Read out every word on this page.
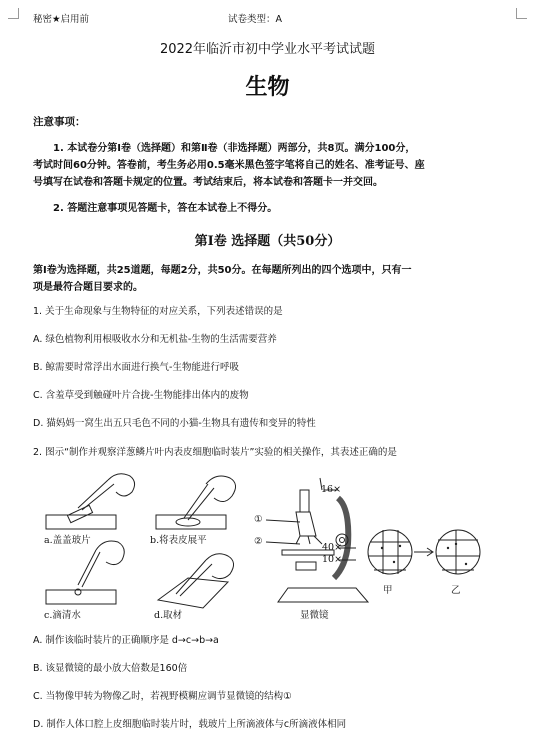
秘密★启用前	试卷类型：A
2022年临沂市初中学业水平考试试题
生物
注意事项：
1. 本试卷分第Ⅰ卷（选择题）和第Ⅱ卷（非选择题）两部分，共8页。满分100分，
考试时间60分钟。答卷前，考生务必用0.5毫米黑色签字笔将自己的姓名、准考证号、座
号填写在试卷和答题卡规定的位置。考试结束后，将本试卷和答题卡一并交回。
2. 答题注意事项见答题卡，答在本试卷上不得分。
第Ⅰ卷 选择题（共50分）
第Ⅰ卷为选择题，共25道题，每题2分，共50分。在每题所列出的四个选项中，只有一
项是最符合题目要求的。
1. 关于生命现象与生物特征的对应关系，下列表述错误的是
A. 绿色植物利用根吸收水分和无机盐-生物的生活需要营养
B. 鲸需要时常浮出水面进行换气-生物能进行呼吸
C. 含羞草受到触碰叶片合拢-生物能排出体内的废物
D. 猫妈妈一窝生出五只毛色不同的小猫-生物具有遗传和变异的特性
2. 图示“制作并观察洋葱鳞片叶内表皮细胞临时装片”实验的相关操作，其表述正确的是
a.盖盖玻片	b.将表皮展平
c.滴清水	d.取材
16×
①
②
40×
10×
显微镜
甲	乙
A. 制作该临时装片的正确顺序是 d→c→b→a
B. 该显微镜的最小放大倍数是160倍
C. 当物像甲转为物像乙时，若视野模糊应调节显微镜的结构①
D. 制作人体口腔上皮细胞临时装片时，载玻片上所滴液体与c所滴液体相同
